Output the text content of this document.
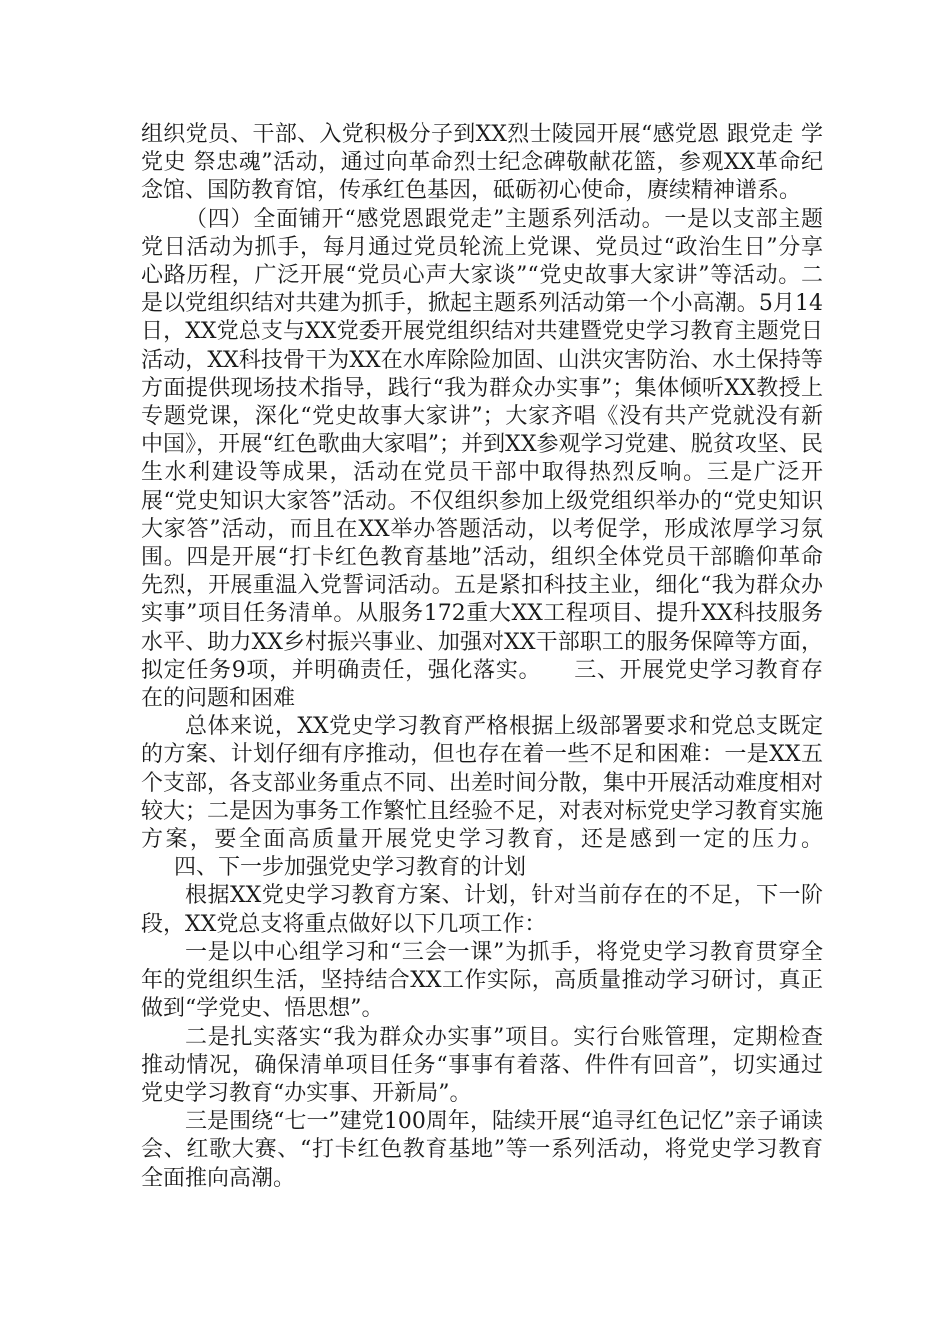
组织党员、干部、入党积极分子到XX烈士陵园开展“感党恩 跟党走 学党史 祭忠魂”活动，通过向革命烈士纪念碑敬献花篮，参观XX革命纪念馆、国防教育馆，传承红色基因，砥砺初心使命，赓续精神谱系。

（四）全面铺开“感党恩跟党走”主题系列活动。一是以支部主题党日活动为抓手，每月通过党员轮流上党课、党员过“政治生日”分享心路历程，广泛开展“党员心声大家谈”“党史故事大家讲”等活动。二是以党组织结对共建为抓手，掀起主题系列活动第一个小高潮。5月14日，XX党总支与XX党委开展党组织结对共建暨党史学习教育主题党日活动，XX科技骨干为XX在水库除险加固、山洪灾害防治、水土保持等方面提供现场技术指导，践行“我为群众办实事”；集体倾听XX教授上专题党课，深化“党史故事大家讲”；大家齐唱《没有共产党就没有新中国》，开展“红色歌曲大家唱”；并到XX参观学习党建、脱贫攻坚、民生水利建设等成果，活动在党员干部中取得热烈反响。三是广泛开展“党史知识大家答”活动。不仅组织参加上级党组织举办的“党史知识大家答”活动，而且在XX举办答题活动，以考促学，形成浓厚学习氛围。四是开展“打卡红色教育基地”活动，组织全体党员干部瞻仰革命先烈，开展重温入党誓词活动。五是紧扣科技主业，细化“我为群众办实事”项目任务清单。从服务172重大XX工程项目、提升XX科技服务水平、助力XX乡村振兴事业、加强对XX干部职工的服务保障等方面，拟定任务9项，并明确责任，强化落实。 三、开展党史学习教育存在的问题和困难

总体来说，XX党史学习教育严格根据上级部署要求和党总支既定的方案、计划仔细有序推动，但也存在着一些不足和困难：一是XX五个支部，各支部业务重点不同、出差时间分散，集中开展活动难度相对较大；二是因为事务工作繁忙且经验不足，对表对标党史学习教育实施方案，要全面高质量开展党史学习教育，还是感到一定的压力。四、下一步加强党史学习教育的计划

根据XX党史学习教育方案、计划，针对当前存在的不足，下一阶段，XX党总支将重点做好以下几项工作：

一是以中心组学习和“三会一课”为抓手，将党史学习教育贯穿全年的党组织生活，坚持结合XX工作实际，高质量推动学习研讨，真正做到“学党史、悟思想”。

二是扎实落实“我为群众办实事”项目。实行台账管理，定期检查推动情况，确保清单项目任务“事事有着落、件件有回音”，切实通过党史学习教育“办实事、开新局”。

三是围绕“七一”建党100周年，陆续开展“追寻红色记忆”亲子诵读会、红歌大赛、“打卡红色教育基地”等一系列活动，将党史学习教育全面推向高潮。
